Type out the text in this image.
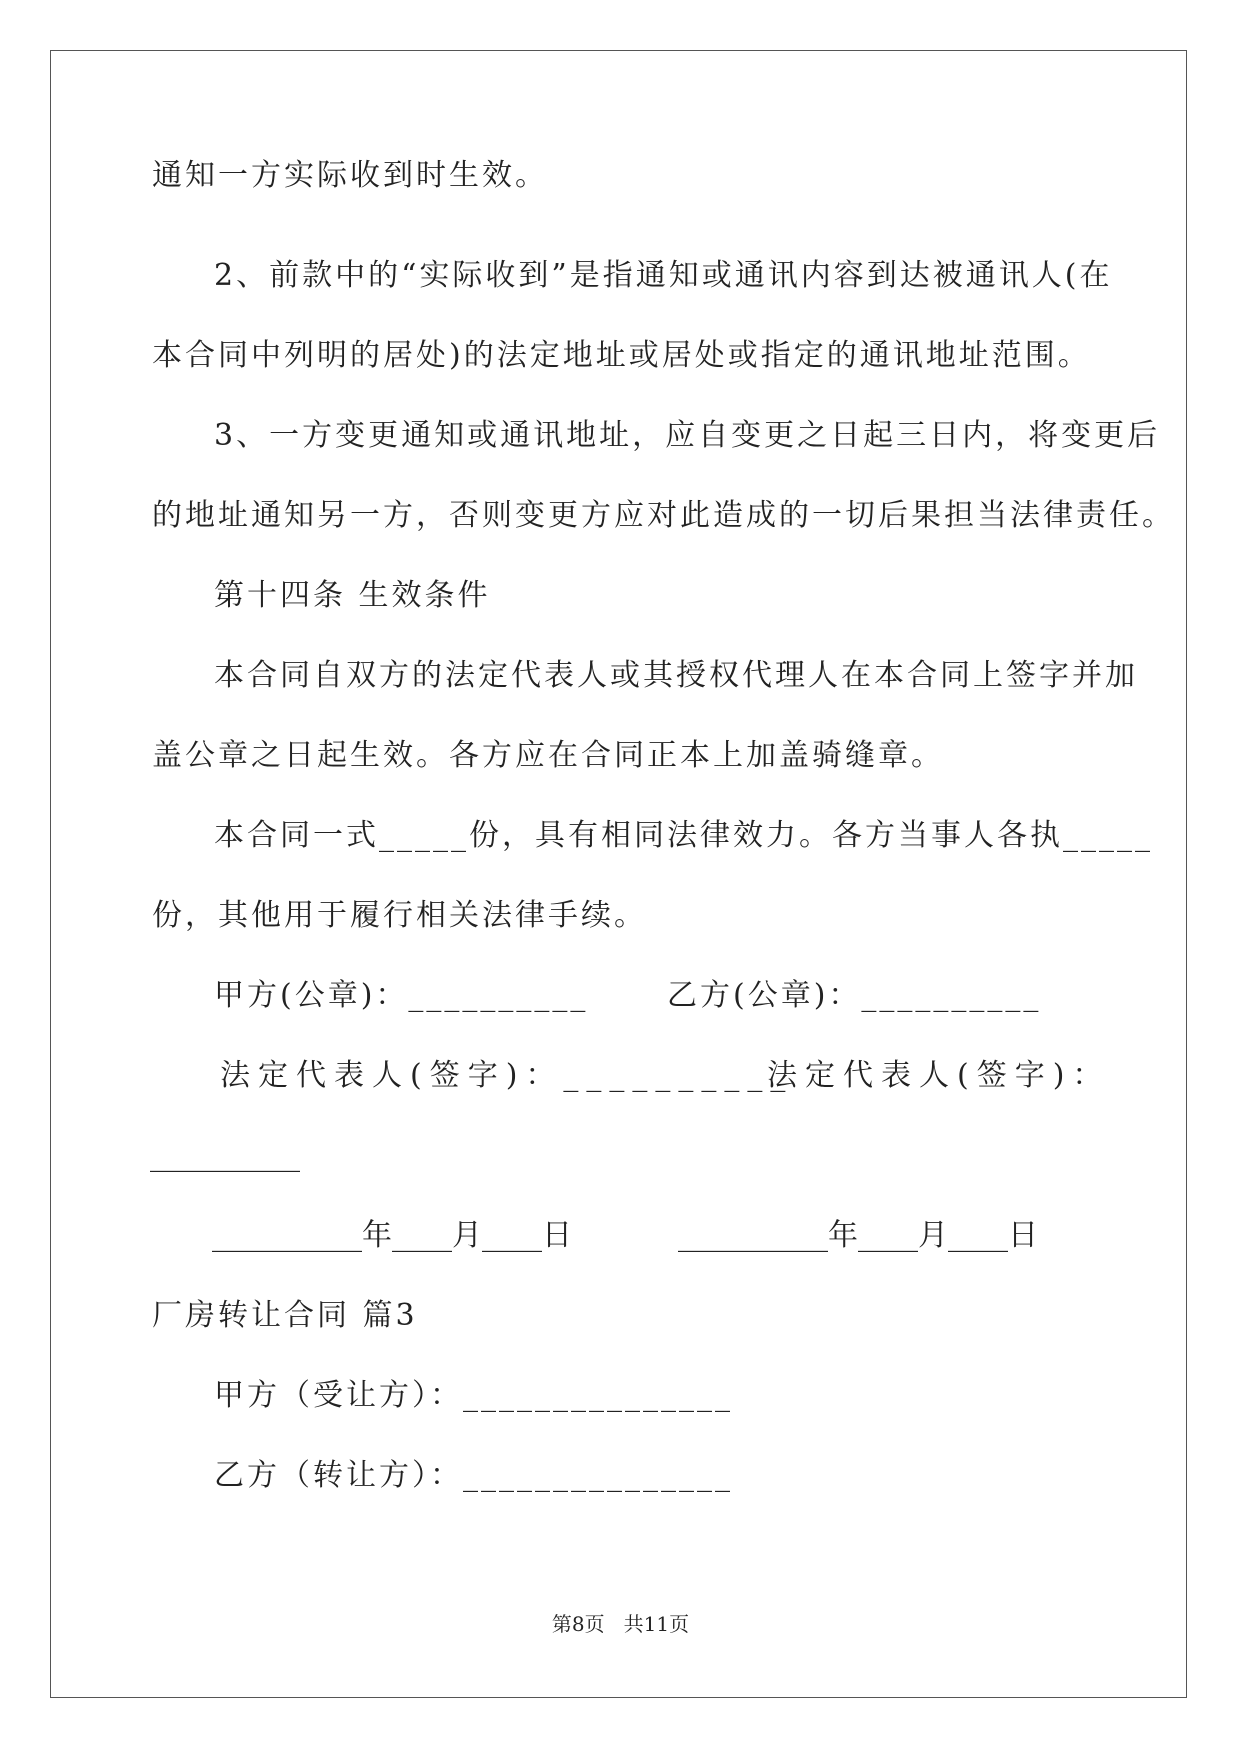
通知一方实际收到时生效。
2、前款中的“实际收到”是指通知或通讯内容到达被通讯人(在
本合同中列明的居处)的法定地址或居处或指定的通讯地址范围。
3、一方变更通知或通讯地址，应自变更之日起三日内，将变更后
的地址通知另一方，否则变更方应对此造成的一切后果担当法律责任。
第十四条 生效条件
本合同自双方的法定代表人或其授权代理人在本合同上签字并加
盖公章之日起生效。各方应在合同正本上加盖骑缝章。
本合同一式_____份，具有相同法律效力。各方当事人各执_____
份，其他用于履行相关法律手续。
甲方(公章)：__________	乙方(公章)：__________
法定代表人(签字)：__________
法定代表人(签字)：
__________
__________年____月____日	__________年____月____日
厂房转让合同 篇3
甲方（受让方）：_______________
乙方（转让方）：_______________
第8页 共11页
